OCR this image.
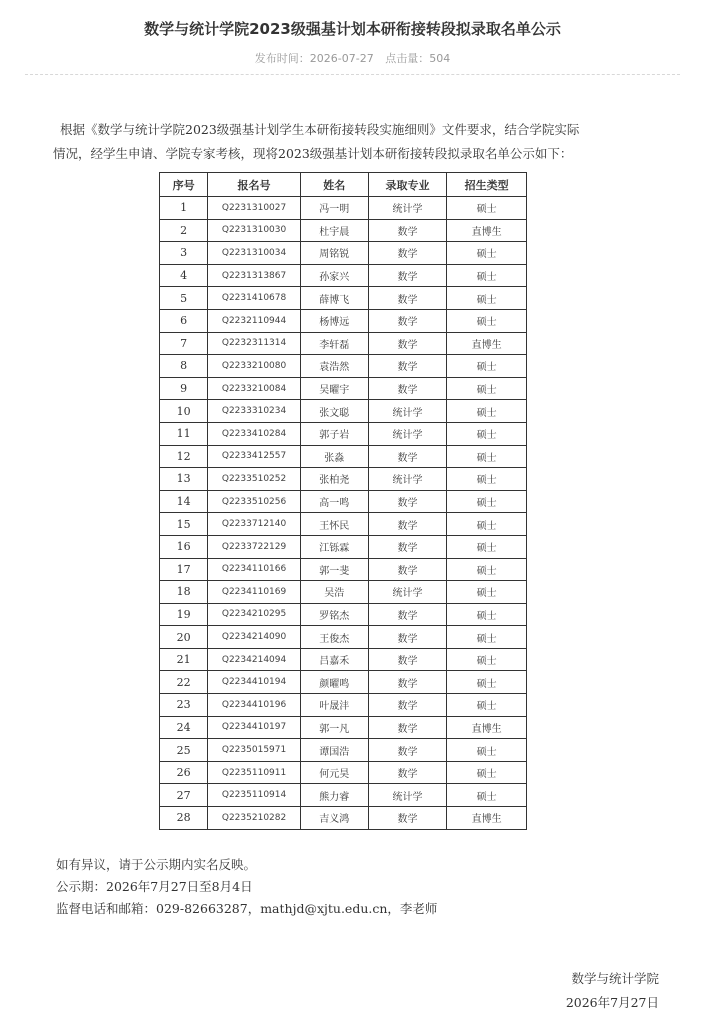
数学与统计学院2023级强基计划本研衔接转段拟录取名单公示
发布时间：2026-07-27 点击量：504
根据《数学与统计学院2023级强基计划学生本研衔接转段实施细则》文件要求，结合学院实际
情况，经学生申请、学院专家考核，现将2023级强基计划本研衔接转段拟录取名单公示如下：
序号	报名号	姓名	录取专业	招生类型
1	Q2231310027	冯一明	统计学	硕士
2	Q2231310030	杜宇晨	数学	直博生
3	Q2231310034	周铭锐	数学	硕士
4	Q2231313867	孙家兴	数学	硕士
5	Q2231410678	薛博飞	数学	硕士
6	Q2232110944	杨博远	数学	硕士
7	Q2232311314	李轩磊	数学	直博生
8	Q2233210080	袁浩然	数学	硕士
9	Q2233210084	吴曜宇	数学	硕士
10	Q2233310234	张文聪	统计学	硕士
11	Q2233410284	郭子岩	统计学	硕士
12	Q2233412557	张淼	数学	硕士
13	Q2233510252	张柏尧	统计学	硕士
14	Q2233510256	高一鸣	数学	硕士
15	Q2233712140	王怀民	数学	硕士
16	Q2233722129	江铄霖	数学	硕士
17	Q2234110166	郭一斐	数学	硕士
18	Q2234110169	吴浩	统计学	硕士
19	Q2234210295	罗铭杰	数学	硕士
20	Q2234214090	王俊杰	数学	硕士
21	Q2234214094	吕嘉禾	数学	硕士
22	Q2234410194	颜曜鸣	数学	硕士
23	Q2234410196	叶晟沣	数学	硕士
24	Q2234410197	郭一凡	数学	直博生
25	Q2235015971	谭国浩	数学	硕士
26	Q2235110911	何元昊	数学	硕士
27	Q2235110914	熊力睿	统计学	硕士
28	Q2235210282	吉义鸿	数学	直博生
如有异议，请于公示期内实名反映。
公示期：2026年7月27日至8月4日
监督电话和邮箱：029-82663287，mathjd@xjtu.edu.cn，李老师
数学与统计学院
2026年7月27日
